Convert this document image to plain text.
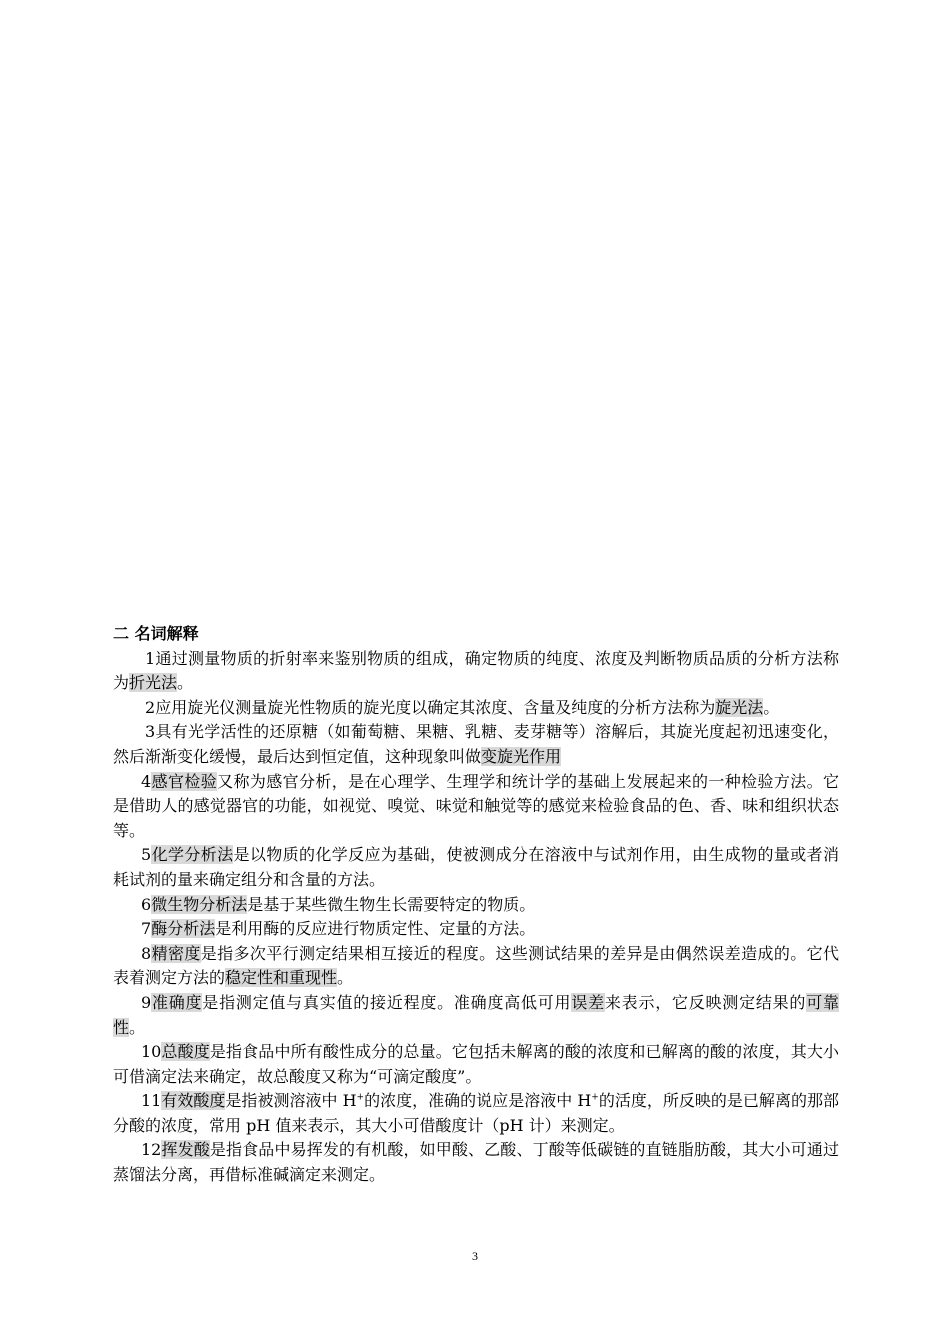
二 名词解释

1通过测量物质的折射率来鉴别物质的组成，确定物质的纯度、浓度及判断物质品质的分析方法称为折光法。

2应用旋光仪测量旋光性物质的旋光度以确定其浓度、含量及纯度的分析方法称为旋光法。

3具有光学活性的还原糖（如葡萄糖、果糖、乳糖、麦芽糖等）溶解后，其旋光度起初迅速变化，然后渐渐变化缓慢，最后达到恒定值，这种现象叫做变旋光作用

4感官检验又称为感官分析，是在心理学、生理学和统计学的基础上发展起来的一种检验方法。它是借助人的感觉器官的功能，如视觉、嗅觉、味觉和触觉等的感觉来检验食品的色、香、味和组织状态等。

5化学分析法是以物质的化学反应为基础，使被测成分在溶液中与试剂作用，由生成物的量或者消耗试剂的量来确定组分和含量的方法。

6微生物分析法是基于某些微生物生长需要特定的物质。

7酶分析法是利用酶的反应进行物质定性、定量的方法。

8精密度是指多次平行测定结果相互接近的程度。这些测试结果的差异是由偶然误差造成的。它代表着测定方法的稳定性和重现性。

9准确度是指测定值与真实值的接近程度。准确度高低可用误差来表示，它反映测定结果的可靠性。

10总酸度是指食品中所有酸性成分的总量。它包括未解离的酸的浓度和已解离的酸的浓度，其大小可借滴定法来确定，故总酸度又称为“可滴定酸度”。

11有效酸度是指被测溶液中 H+的浓度，准确的说应是溶液中 H+的活度，所反映的是已解离的那部分酸的浓度，常用 pH 值来表示，其大小可借酸度计（pH 计）来测定。

12挥发酸是指食品中易挥发的有机酸，如甲酸、乙酸、丁酸等低碳链的直链脂肪酸，其大小可通过蒸馏法分离，再借标准碱滴定来测定。

3
